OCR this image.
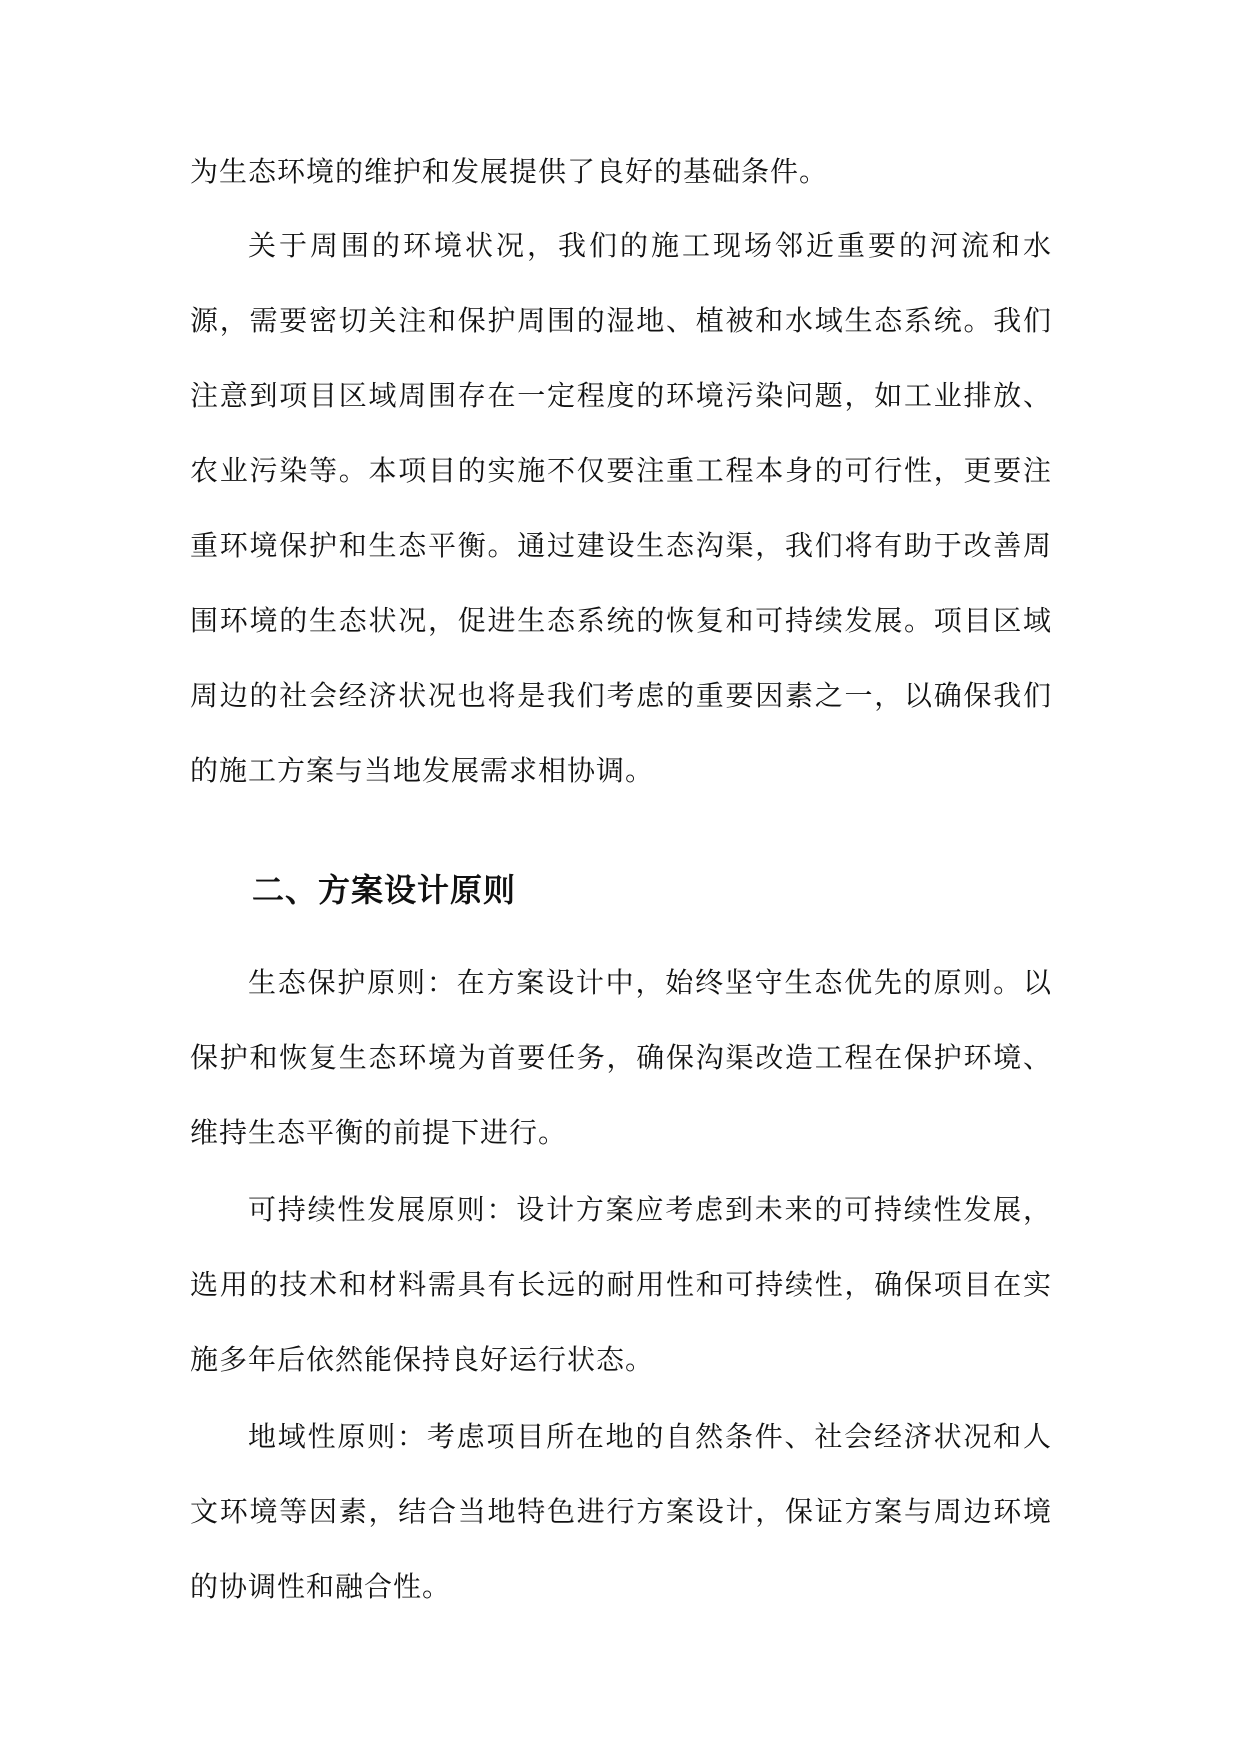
为生态环境的维护和发展提供了良好的基础条件。

关于周围的环境状况，我们的施工现场邻近重要的河流和水源，需要密切关注和保护周围的湿地、植被和水域生态系统。我们注意到项目区域周围存在一定程度的环境污染问题，如工业排放、农业污染等。本项目的实施不仅要注重工程本身的可行性，更要注重环境保护和生态平衡。通过建设生态沟渠，我们将有助于改善周围环境的生态状况，促进生态系统的恢复和可持续发展。项目区域周边的社会经济状况也将是我们考虑的重要因素之一，以确保我们的施工方案与当地发展需求相协调。

二、方案设计原则

生态保护原则：在方案设计中，始终坚守生态优先的原则。以保护和恢复生态环境为首要任务，确保沟渠改造工程在保护环境、维持生态平衡的前提下进行。

可持续性发展原则：设计方案应考虑到未来的可持续性发展，选用的技术和材料需具有长远的耐用性和可持续性，确保项目在实施多年后依然能保持良好运行状态。

地域性原则：考虑项目所在地的自然条件、社会经济状况和人文环境等因素，结合当地特色进行方案设计，保证方案与周边环境的协调性和融合性。
